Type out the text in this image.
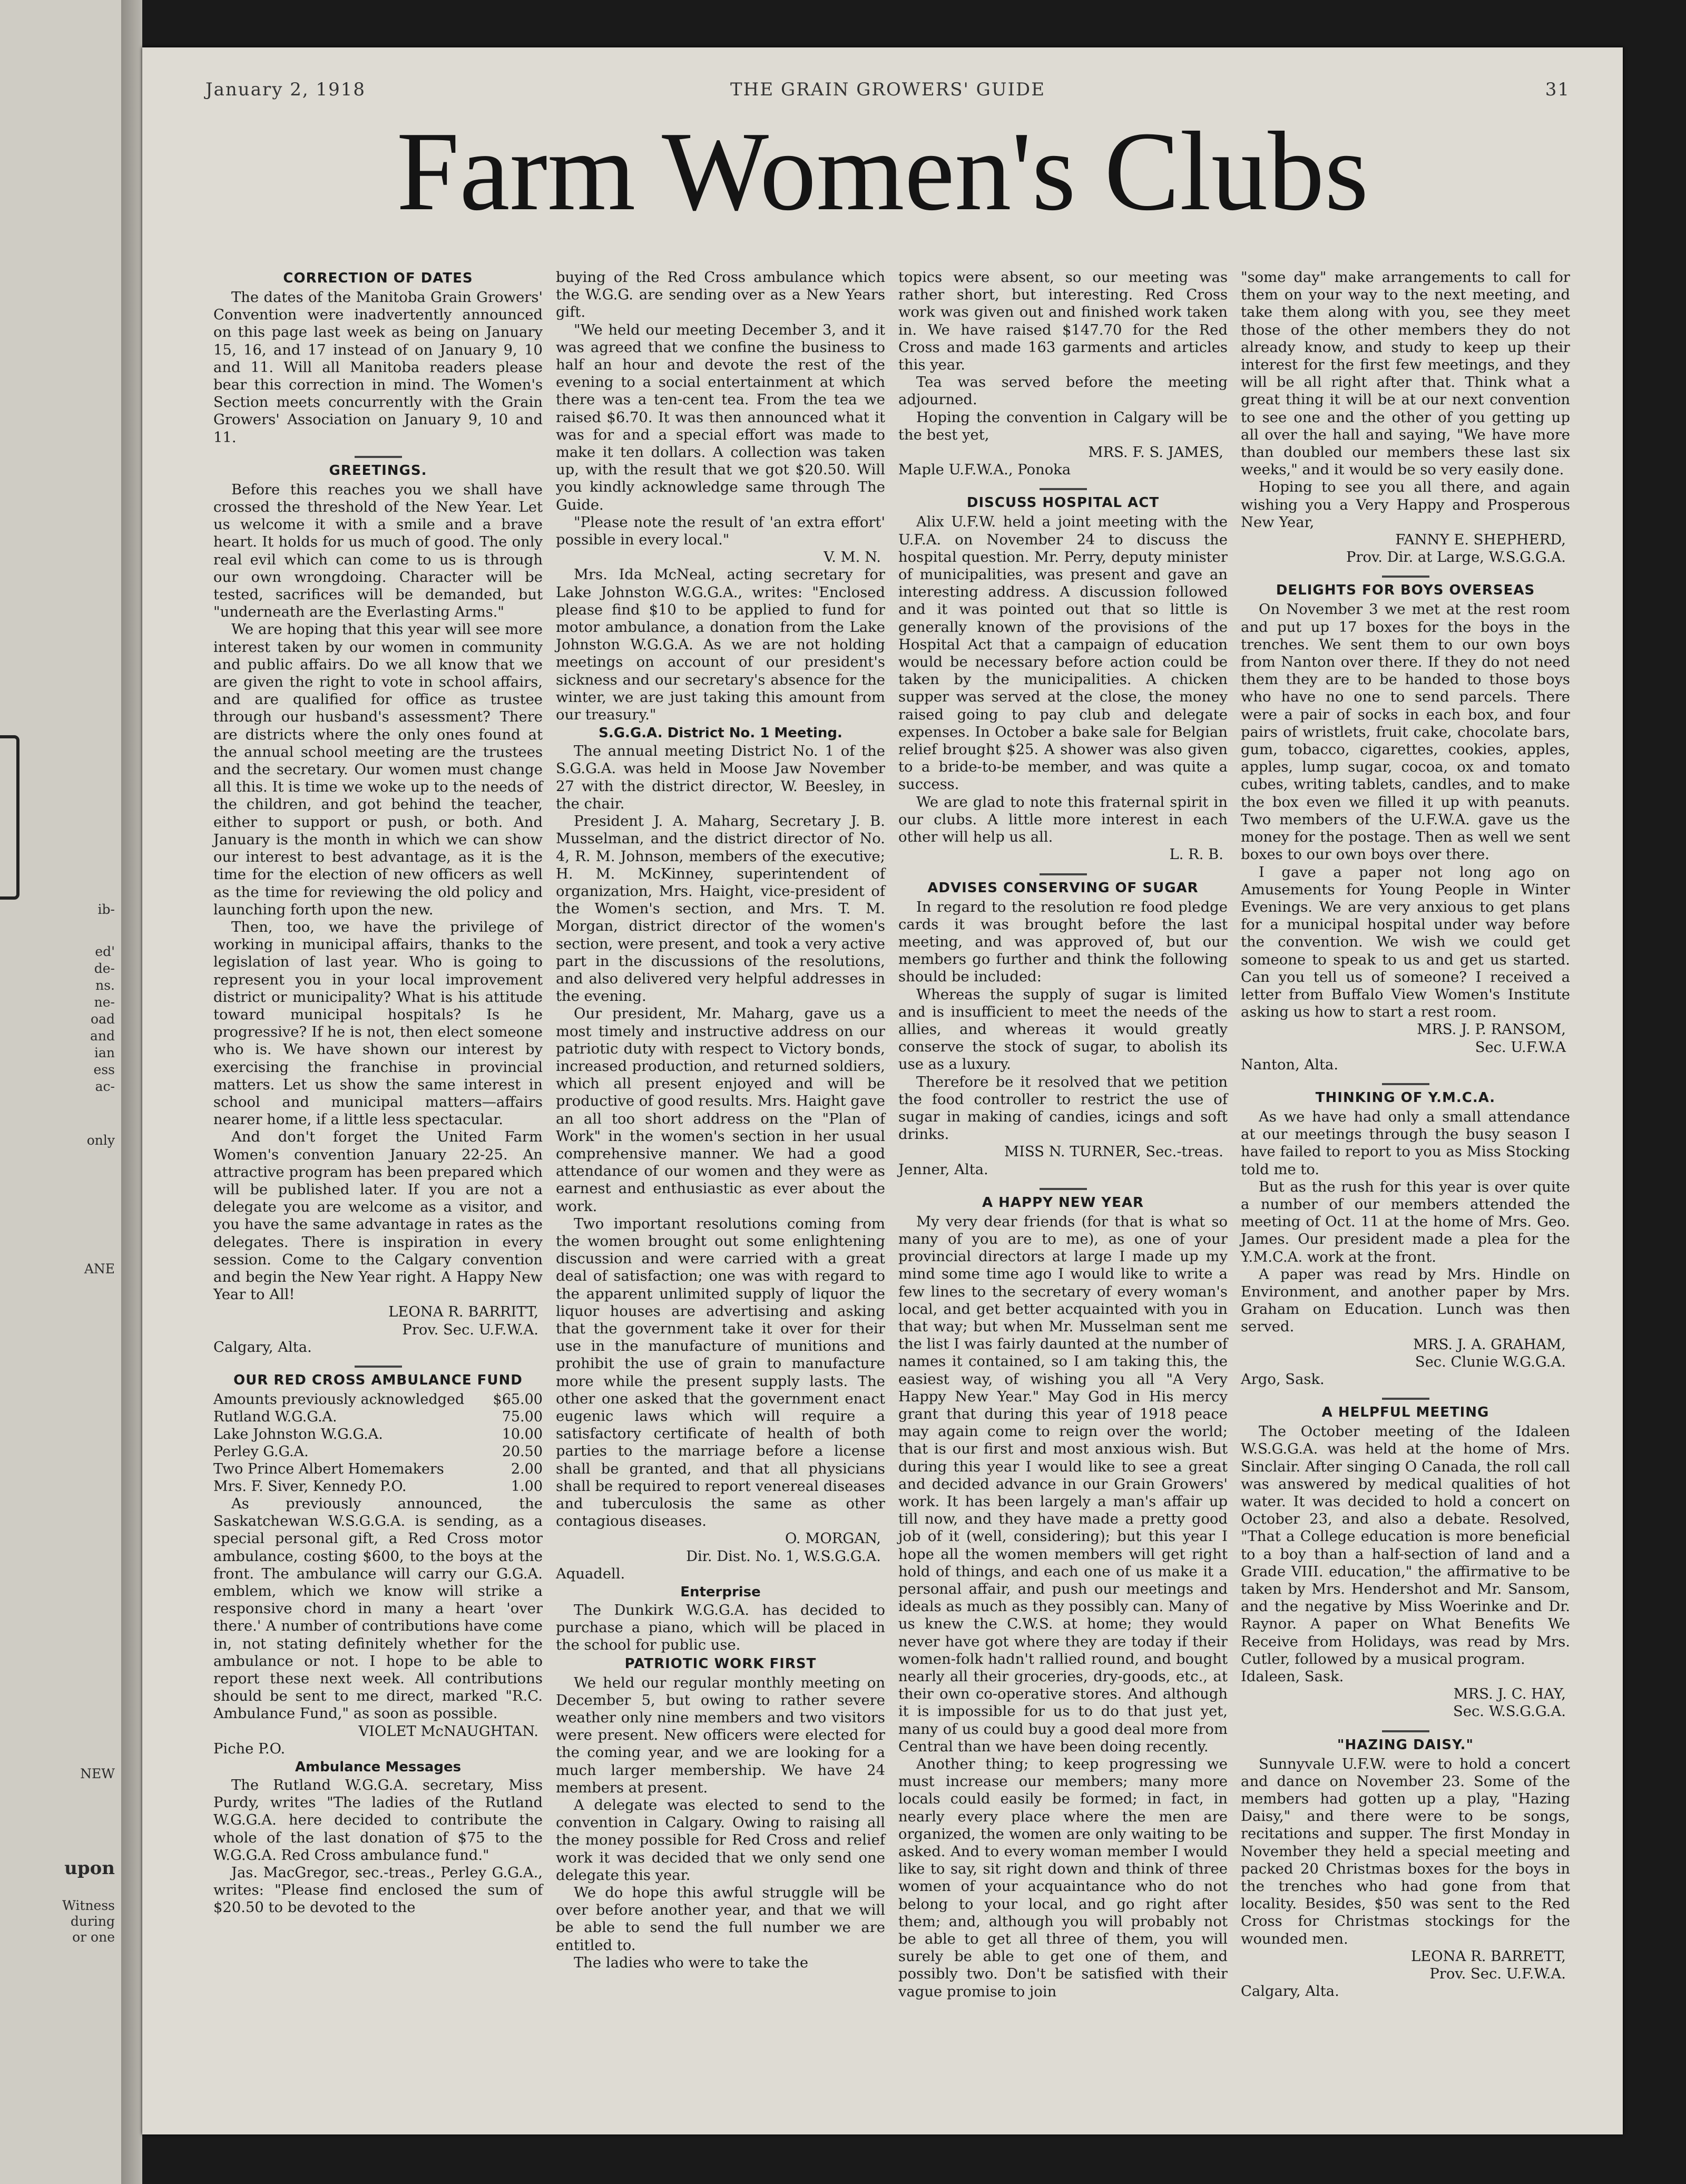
ib-
ed'
de-
ns.
ne-
oad
and
ian
ess
ac-
only
ANE
NEW
upon
Witness
during
or one
January 2, 1918	THE GRAIN GROWERS' GUIDE	31
Farm Women's Clubs
CORRECTION OF DATES

The dates of the Manitoba Grain Growers' Convention were inadvertently announced on this page last week as being on January 15, 16, and 17 instead of on January 9, 10 and 11. Will all Manitoba readers please bear this correction in mind. The Women's Section meets concurrently with the Grain Growers' Association on January 9, 10 and 11.

GREETINGS.

Before this reaches you we shall have crossed the threshold of the New Year. Let us welcome it with a smile and a brave heart. It holds for us much of good. The only real evil which can come to us is through our own wrongdoing. Character will be tested, sacrifices will be demanded, but "underneath are the Everlasting Arms."

We are hoping that this year will see more interest taken by our women in community and public affairs. Do we all know that we are given the right to vote in school affairs, and are qualified for office as trustee through our husband's assessment? There are districts where the only ones found at the annual school meeting are the trustees and the secretary. Our women must change all this. It is time we woke up to the needs of the children, and got behind the teacher, either to support or push, or both. And January is the month in which we can show our interest to best advantage, as it is the time for the election of new officers as well as the time for reviewing the old policy and launching forth upon the new.

Then, too, we have the privilege of working in municipal affairs, thanks to the legislation of last year. Who is going to represent you in your local improvement district or municipality? What is his attitude toward municipal hospitals? Is he progressive? If he is not, then elect someone who is. We have shown our interest by exercising the franchise in provincial matters. Let us show the same interest in school and municipal matters—affairs nearer home, if a little less spectacular.

And don't forget the United Farm Women's convention January 22-25. An attractive program has been prepared which will be published later. If you are not a delegate you are welcome as a visitor, and you have the same advantage in rates as the delegates. There is inspiration in every session. Come to the Calgary convention and begin the New Year right. A Happy New Year to All!

LEONA R. BARRITT,

Prov. Sec. U.F.W.A.

Calgary, Alta.

OUR RED CROSS AMBULANCE FUND
Amounts previously acknowledged	$65.00
Rutland W.G.G.A.	75.00
Lake Johnston W.G.G.A.	10.00
Perley G.G.A.	20.50
Two Prince Albert Homemakers	2.00
Mrs. F. Siver, Kennedy P.O.	1.00

As previously announced, the Saskatchewan W.S.G.G.A. is sending, as a special personal gift, a Red Cross motor ambulance, costing $600, to the boys at the front. The ambulance will carry our G.G.A. emblem, which we know will strike a responsive chord in many a heart 'over there.' A number of contributions have come in, not stating definitely whether for the ambulance or not. I hope to be able to report these next week. All contributions should be sent to me direct, marked "R.C. Ambulance Fund," as soon as possible.

VIOLET McNAUGHTAN.

Piche P.O.

Ambulance Messages

The Rutland W.G.G.A. secretary, Miss Purdy, writes "The ladies of the Rutland W.G.G.A. here decided to contribute the whole of the last donation of $75 to the W.G.G.A. Red Cross ambulance fund."

Jas. MacGregor, sec.-treas., Perley G.G.A., writes: "Please find enclosed the sum of $20.50 to be devoted to the

buying of the Red Cross ambulance which the W.G.G. are sending over as a New Years gift.

"We held our meeting December 3, and it was agreed that we confine the business to half an hour and devote the rest of the evening to a social entertainment at which there was a ten-cent tea. From the tea we raised $6.70. It was then announced what it was for and a special effort was made to make it ten dollars. A collection was taken up, with the result that we got $20.50. Will you kindly acknowledge same through The Guide.

"Please note the result of 'an extra effort' possible in every local."

V. M. N.

Mrs. Ida McNeal, acting secretary for Lake Johnston W.G.G.A., writes: "Enclosed please find $10 to be applied to fund for motor ambulance, a donation from the Lake Johnston W.G.G.A. As we are not holding meetings on account of our president's sickness and our secretary's absence for the winter, we are just taking this amount from our treasury."

S.G.G.A. District No. 1 Meeting.

The annual meeting District No. 1 of the S.G.G.A. was held in Moose Jaw November 27 with the district director, W. Beesley, in the chair.

President J. A. Maharg, Secretary J. B. Musselman, and the district director of No. 4, R. M. Johnson, members of the executive; H. M. McKinney, superintendent of organization, Mrs. Haight, vice-president of the Women's section, and Mrs. T. M. Morgan, district director of the women's section, were present, and took a very active part in the discussions of the resolutions, and also delivered very helpful addresses in the evening.

Our president, Mr. Maharg, gave us a most timely and instructive address on our patriotic duty with respect to Victory bonds, increased production, and returned soldiers, which all present enjoyed and will be productive of good results. Mrs. Haight gave an all too short address on the "Plan of Work" in the women's section in her usual comprehensive manner. We had a good attendance of our women and they were as earnest and enthusiastic as ever about the work.

Two important resolutions coming from the women brought out some enlightening discussion and were carried with a great deal of satisfaction; one was with regard to the apparent unlimited supply of liquor the liquor houses are advertising and asking that the government take it over for their use in the manufacture of munitions and prohibit the use of grain to manufacture more while the present supply lasts. The other one asked that the government enact eugenic laws which will require a satisfactory certificate of health of both parties to the marriage before a license shall be granted, and that all physicians shall be required to report venereal diseases and tuberculosis the same as other contagious diseases.

O. MORGAN,

Dir. Dist. No. 1, W.S.G.G.A.

Aquadell.

Enterprise

The Dunkirk W.G.G.A. has decided to purchase a piano, which will be placed in the school for public use.

PATRIOTIC WORK FIRST

We held our regular monthly meeting on December 5, but owing to rather severe weather only nine members and two visitors were present. New officers were elected for the coming year, and we are looking for a much larger membership. We have 24 members at present.

A delegate was elected to send to the convention in Calgary. Owing to raising all the money possible for Red Cross and relief work it was decided that we only send one delegate this year.

We do hope this awful struggle will be over before another year, and that we will be able to send the full number we are entitled to.

The ladies who were to take the

topics were absent, so our meeting was rather short, but interesting. Red Cross work was given out and finished work taken in. We have raised $147.70 for the Red Cross and made 163 garments and articles this year.

Tea was served before the meeting adjourned.

Hoping the convention in Calgary will be the best yet,

MRS. F. S. JAMES,

Maple U.F.W.A., Ponoka

DISCUSS HOSPITAL ACT

Alix U.F.W. held a joint meeting with the U.F.A. on November 24 to discuss the hospital question. Mr. Perry, deputy minister of municipalities, was present and gave an interesting address. A discussion followed and it was pointed out that so little is generally known of the provisions of the Hospital Act that a campaign of education would be necessary before action could be taken by the municipalities. A chicken supper was served at the close, the money raised going to pay club and delegate expenses. In October a bake sale for Belgian relief brought $25. A shower was also given to a bride-to-be member, and was quite a success.

We are glad to note this fraternal spirit in our clubs. A little more interest in each other will help us all.

L. R. B.

ADVISES CONSERVING OF SUGAR

In regard to the resolution re food pledge cards it was brought before the last meeting, and was approved of, but our members go further and think the following should be included:

Whereas the supply of sugar is limited and is insufficient to meet the needs of the allies, and whereas it would greatly conserve the stock of sugar, to abolish its use as a luxury.

Therefore be it resolved that we petition the food controller to restrict the use of sugar in making of candies, icings and soft drinks.

MISS N. TURNER, Sec.-treas.

Jenner, Alta.

A HAPPY NEW YEAR

My very dear friends (for that is what so many of you are to me), as one of your provincial directors at large I made up my mind some time ago I would like to write a few lines to the secretary of every woman's local, and get better acquainted with you in that way; but when Mr. Musselman sent me the list I was fairly daunted at the number of names it contained, so I am taking this, the easiest way, of wishing you all "A Very Happy New Year." May God in His mercy grant that during this year of 1918 peace may again come to reign over the world; that is our first and most anxious wish. But during this year I would like to see a great and decided advance in our Grain Growers' work. It has been largely a man's affair up till now, and they have made a pretty good job of it (well, considering); but this year I hope all the women members will get right hold of things, and each one of us make it a personal affair, and push our meetings and ideals as much as they possibly can. Many of us knew the C.W.S. at home; they would never have got where they are today if their women-folk hadn't rallied round, and bought nearly all their groceries, dry-goods, etc., at their own co-operative stores. And although it is impossible for us to do that just yet, many of us could buy a good deal more from Central than we have been doing recently.

Another thing; to keep progressing we must increase our members; many more locals could easily be formed; in fact, in nearly every place where the men are organized, the women are only waiting to be asked. And to every woman member I would like to say, sit right down and think of three women of your acquaintance who do not belong to your local, and go right after them; and, although you will probably not be able to get all three of them, you will surely be able to get one of them, and possibly two. Don't be satisfied with their vague promise to join

"some day" make arrangements to call for them on your way to the next meeting, and take them along with you, see they meet those of the other members they do not already know, and study to keep up their interest for the first few meetings, and they will be all right after that. Think what a great thing it will be at our next convention to see one and the other of you getting up all over the hall and saying, "We have more than doubled our members these last six weeks," and it would be so very easily done.

Hoping to see you all there, and again wishing you a Very Happy and Prosperous New Year,

FANNY E. SHEPHERD,

Prov. Dir. at Large, W.S.G.G.A.

DELIGHTS FOR BOYS OVERSEAS

On November 3 we met at the rest room and put up 17 boxes for the boys in the trenches. We sent them to our own boys from Nanton over there. If they do not need them they are to be handed to those boys who have no one to send parcels. There were a pair of socks in each box, and four pairs of wristlets, fruit cake, chocolate bars, gum, tobacco, cigarettes, cookies, apples, apples, lump sugar, cocoa, ox and tomato cubes, writing tablets, candles, and to make the box even we filled it up with peanuts. Two members of the U.F.W.A. gave us the money for the postage. Then as well we sent boxes to our own boys over there.

I gave a paper not long ago on Amusements for Young People in Winter Evenings. We are very anxious to get plans for a municipal hospital under way before the convention. We wish we could get someone to speak to us and get us started. Can you tell us of someone? I received a letter from Buffalo View Women's Institute asking us how to start a rest room.

MRS. J. P. RANSOM,

Sec. U.F.W.A

Nanton, Alta.

THINKING OF Y.M.C.A.

As we have had only a small attendance at our meetings through the busy season I have failed to report to you as Miss Stocking told me to.

But as the rush for this year is over quite a number of our members attended the meeting of Oct. 11 at the home of Mrs. Geo. James. Our president made a plea for the Y.M.C.A. work at the front.

A paper was read by Mrs. Hindle on Environment, and another paper by Mrs. Graham on Education. Lunch was then served.

MRS. J. A. GRAHAM,

Sec. Clunie W.G.G.A.

Argo, Sask.

A HELPFUL MEETING

The October meeting of the Idaleen W.S.G.G.A. was held at the home of Mrs. Sinclair. After singing O Canada, the roll call was answered by medical qualities of hot water. It was decided to hold a concert on October 23, and also a debate. Resolved, "That a College education is more beneficial to a boy than a half-section of land and a Grade VIII. education," the affirmative to be taken by Mrs. Hendershot and Mr. Sansom, and the negative by Miss Woerinke and Dr. Raynor. A paper on What Benefits We Receive from Holidays, was read by Mrs. Cutler, followed by a musical program.

Idaleen, Sask.

MRS. J. C. HAY,

Sec. W.S.G.G.A.

"HAZING DAISY."

Sunnyvale U.F.W. were to hold a concert and dance on November 23. Some of the members had gotten up a play, "Hazing Daisy," and there were to be songs, recitations and supper. The first Monday in November they held a special meeting and packed 20 Christmas boxes for the boys in the trenches who had gone from that locality. Besides, $50 was sent to the Red Cross for Christmas stockings for the wounded men.

LEONA R. BARRETT,

Prov. Sec. U.F.W.A.

Calgary, Alta.
